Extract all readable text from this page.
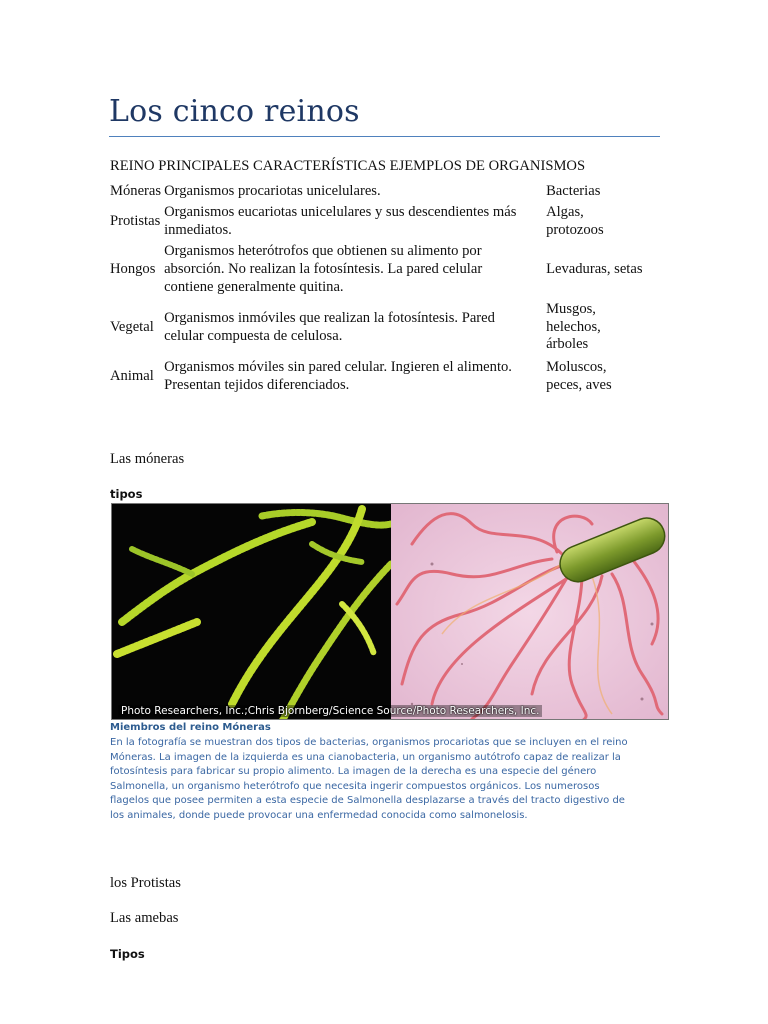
Los cinco reinos
REINO PRINCIPALES CARACTERÍSTICAS EJEMPLOS DE ORGANISMOS		
Móneras	Organismos procariotas unicelulares.	Bacterias
Protistas	Organismos eucariotas unicelulares y sus descendientes más
inmediatos.	Algas,
protozoos
Hongos	Organismos heterótrofos que obtienen su alimento por
absorción. No realizan la fotosíntesis. La pared celular
contiene generalmente quitina.	Levaduras, setas
Vegetal	Organismos inmóviles que realizan la fotosíntesis. Pared
celular compuesta de celulosa.	Musgos,
helechos,
árboles
Animal	Organismos móviles sin pared celular. Ingieren el alimento.
Presentan tejidos diferenciados.	Moluscos,
peces, aves
Las móneras
tipos
Photo Researchers, Inc.;Chris Bjornberg/Science Source/Photo Researchers, Inc.
Miembros del reino Móneras
En la fotografía se muestran dos tipos de bacterias, organismos procariotas que se incluyen en el reino
Móneras. La imagen de la izquierda es una cianobacteria, un organismo autótrofo capaz de realizar la
fotosíntesis para fabricar su propio alimento. La imagen de la derecha es una especie del género
Salmonella, un organismo heterótrofo que necesita ingerir compuestos orgánicos. Los numerosos
flagelos que posee permiten a esta especie de Salmonella desplazarse a través del tracto digestivo de
los animales, donde puede provocar una enfermedad conocida como salmonelosis.
los Protistas
Las amebas
Tipos
